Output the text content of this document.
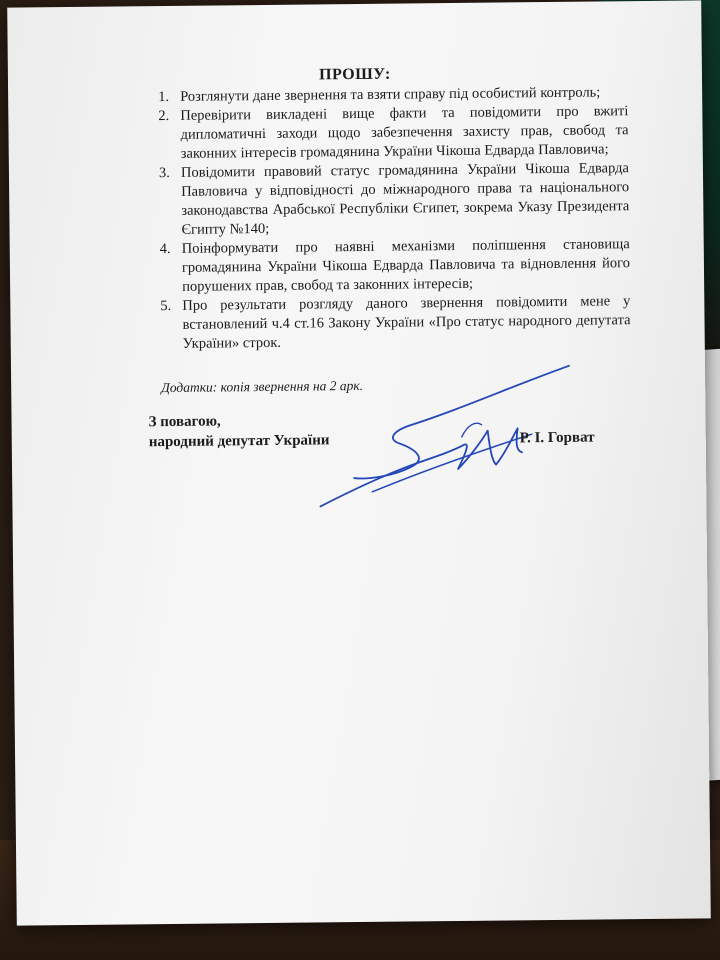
ПРОШУ:
1. Розглянути дане звернення та взяти справу під особистий контроль;
2. Перевірити викладені вище факти та повідомити про вжиті дипломатичні заходи щодо забезпечення захисту прав, свобод та законних інтересів громадянина України Чікоша Едварда Павловича;
3. Повідомити правовий статус громадянина України Чікоша Едварда Павловича у відповідності до міжнародного права та національного законодавства Арабської Республіки Єгипет, зокрема Указу Президента Єгипту №140;
4. Поінформувати про наявні механізми поліпшення становища громадянина України Чікоша Едварда Павловича та відновлення його порушених прав, свобод та законних інтересів;
5. Про результати розгляду даного звернення повідомити мене у встановлений ч.4 ст.16 Закону України «Про статус народного депутата України» строк.
Додатки: копія звернення на 2 арк.
З повагою,
народний депутат України	Р. І. Горват
